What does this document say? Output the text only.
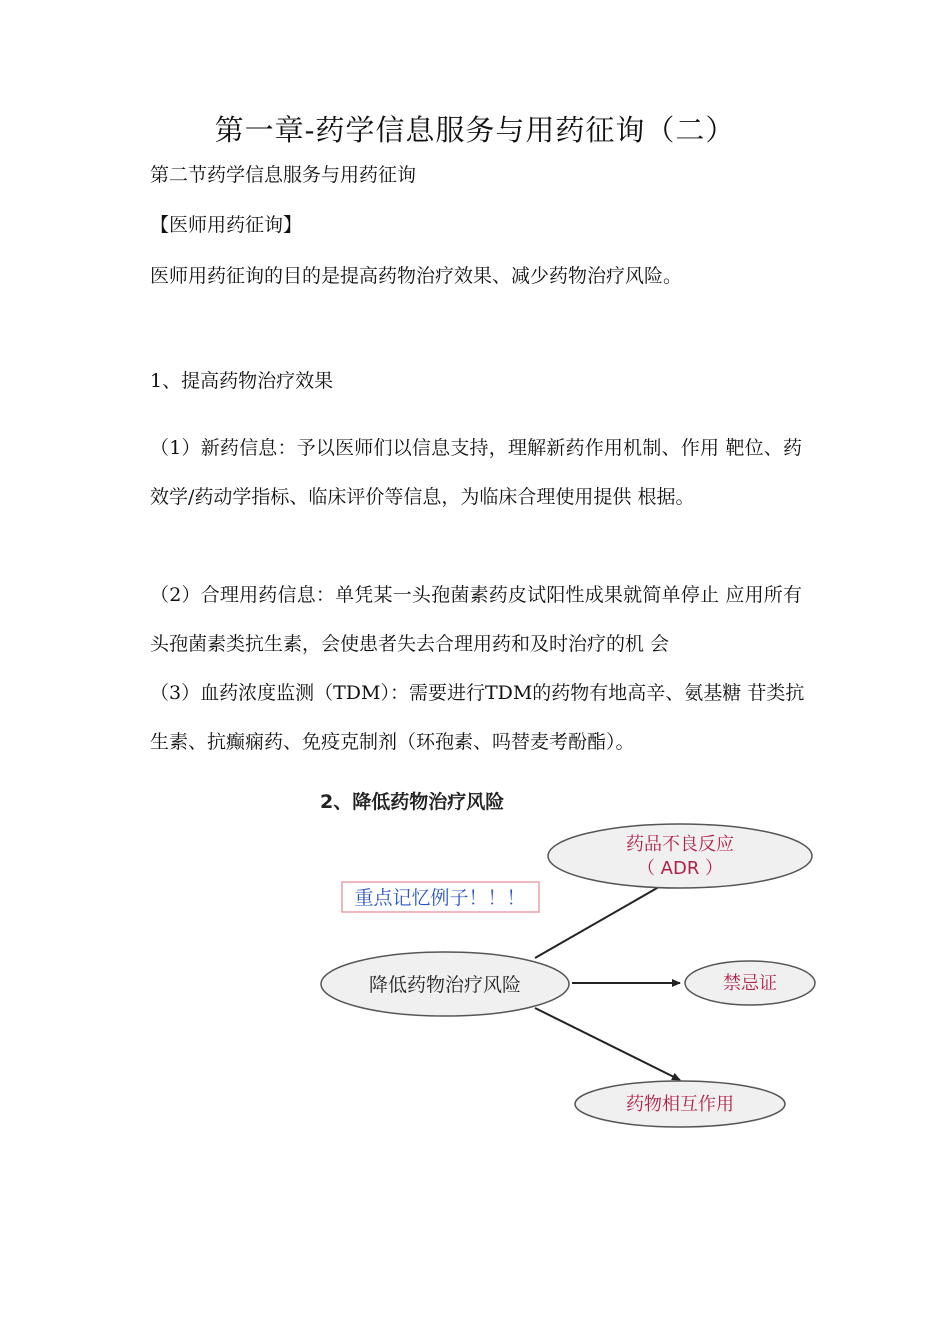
第一章-药学信息服务与用药征询（二）
第二节药学信息服务与用药征询
【医师用药征询】
医师用药征询的目的是提高药物治疗效果、减少药物治疗风险。
1、提高药物治疗效果
（1）新药信息：予以医师们以信息支持，理解新药作用机制、作用 靶位、药效学/药动学指标、临床评价等信息，为临床合理使用提供 根据。
（2）合理用药信息：单凭某一头孢菌素药皮试阳性成果就简单停止 应用所有头孢菌素类抗生素，会使患者失去合理用药和及时治疗的机 会
（3）血药浓度监测（TDM）：需要进行TDM的药物有地高辛、氨基糖 苷类抗生素、抗癫痫药、免疫克制剂（环孢素、吗替麦考酚酯）。
2、降低药物治疗风险
重点记忆例子！！！
降低药物治疗风险
药品不良反应
（ ADR ）
禁忌证
药物相互作用
